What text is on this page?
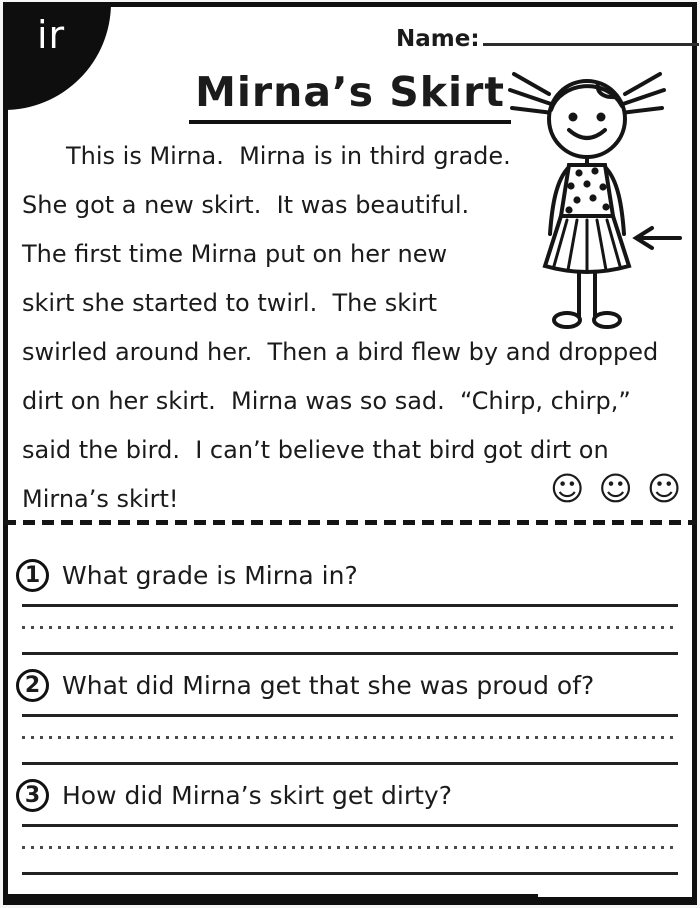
ir	Name:
Mirna’s Skirt
This is Mirna.  Mirna is in third grade.
She got a new skirt.  It was beautiful.
The first time Mirna put on her new
skirt she started to twirl.  The skirt
swirled around her.  Then a bird flew by and dropped
dirt on her skirt.  Mirna was so sad.  “Chirp, chirp,”
said the bird.  I can’t believe that bird got dirt on
Mirna’s skirt!	☺ ☺ ☺
1 What grade is Mirna in?
2 What did Mirna get that she was proud of?
3 How did Mirna’s skirt get dirty?
